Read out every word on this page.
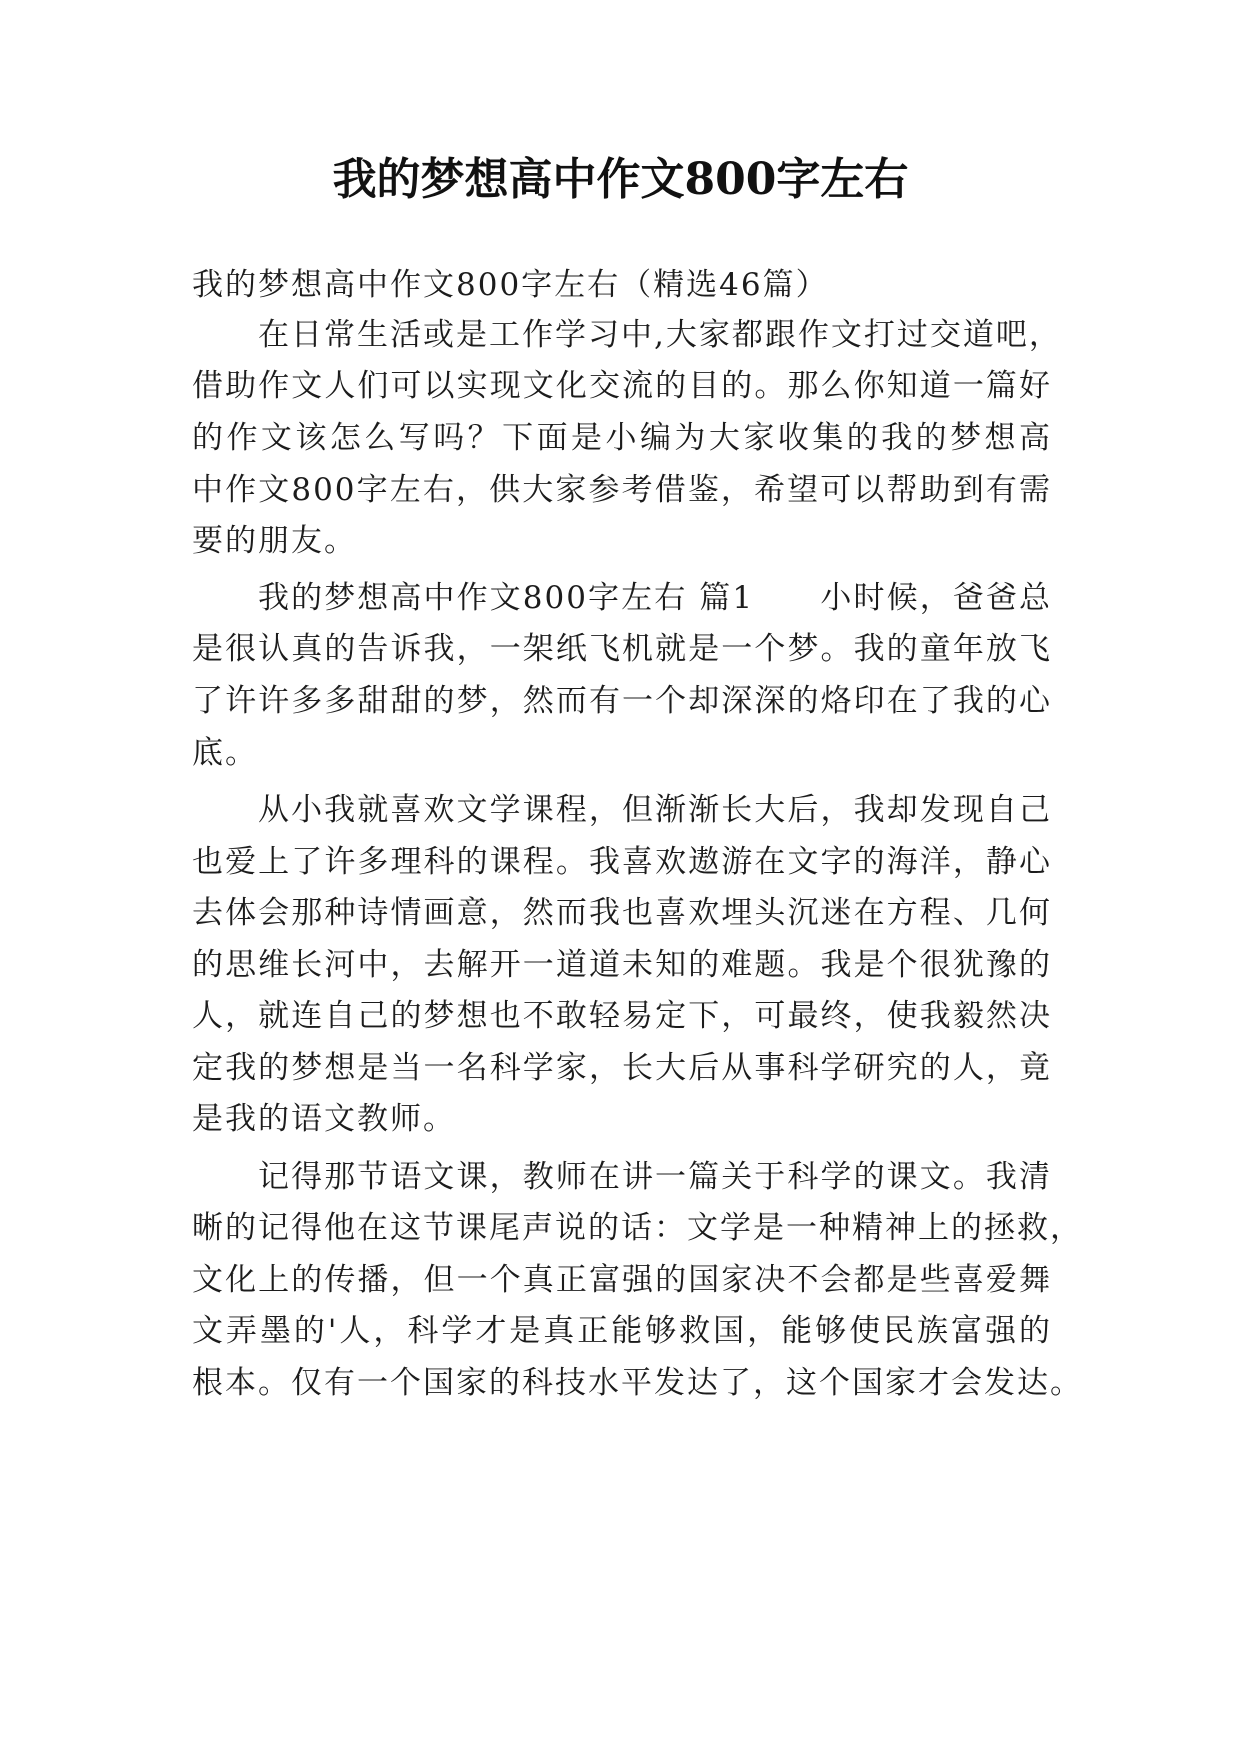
我的梦想高中作文800字左右
我的梦想高中作文800字左右（精选46篇）
在日常生活或是工作学习中,大家都跟作文打过交道吧，
借助作文人们可以实现文化交流的目的。那么你知道一篇好
的作文该怎么写吗？下面是小编为大家收集的我的梦想高
中作文800字左右，供大家参考借鉴，希望可以帮助到有需
要的朋友。
我的梦想高中作文800字左右 篇1　　小时候，爸爸总
是很认真的告诉我，一架纸飞机就是一个梦。我的童年放飞
了许许多多甜甜的梦，然而有一个却深深的烙印在了我的心
底。
从小我就喜欢文学课程，但渐渐长大后，我却发现自己
也爱上了许多理科的课程。我喜欢遨游在文字的海洋，静心
去体会那种诗情画意，然而我也喜欢埋头沉迷在方程、几何
的思维长河中，去解开一道道未知的难题。我是个很犹豫的
人，就连自己的梦想也不敢轻易定下，可最终，使我毅然决
定我的梦想是当一名科学家，长大后从事科学研究的人，竟
是我的语文教师。
记得那节语文课，教师在讲一篇关于科学的课文。我清
晰的记得他在这节课尾声说的话：文学是一种精神上的拯救，
文化上的传播，但一个真正富强的国家决不会都是些喜爱舞
文弄墨的'人，科学才是真正能够救国，能够使民族富强的
根本。仅有一个国家的科技水平发达了，这个国家才会发达。
